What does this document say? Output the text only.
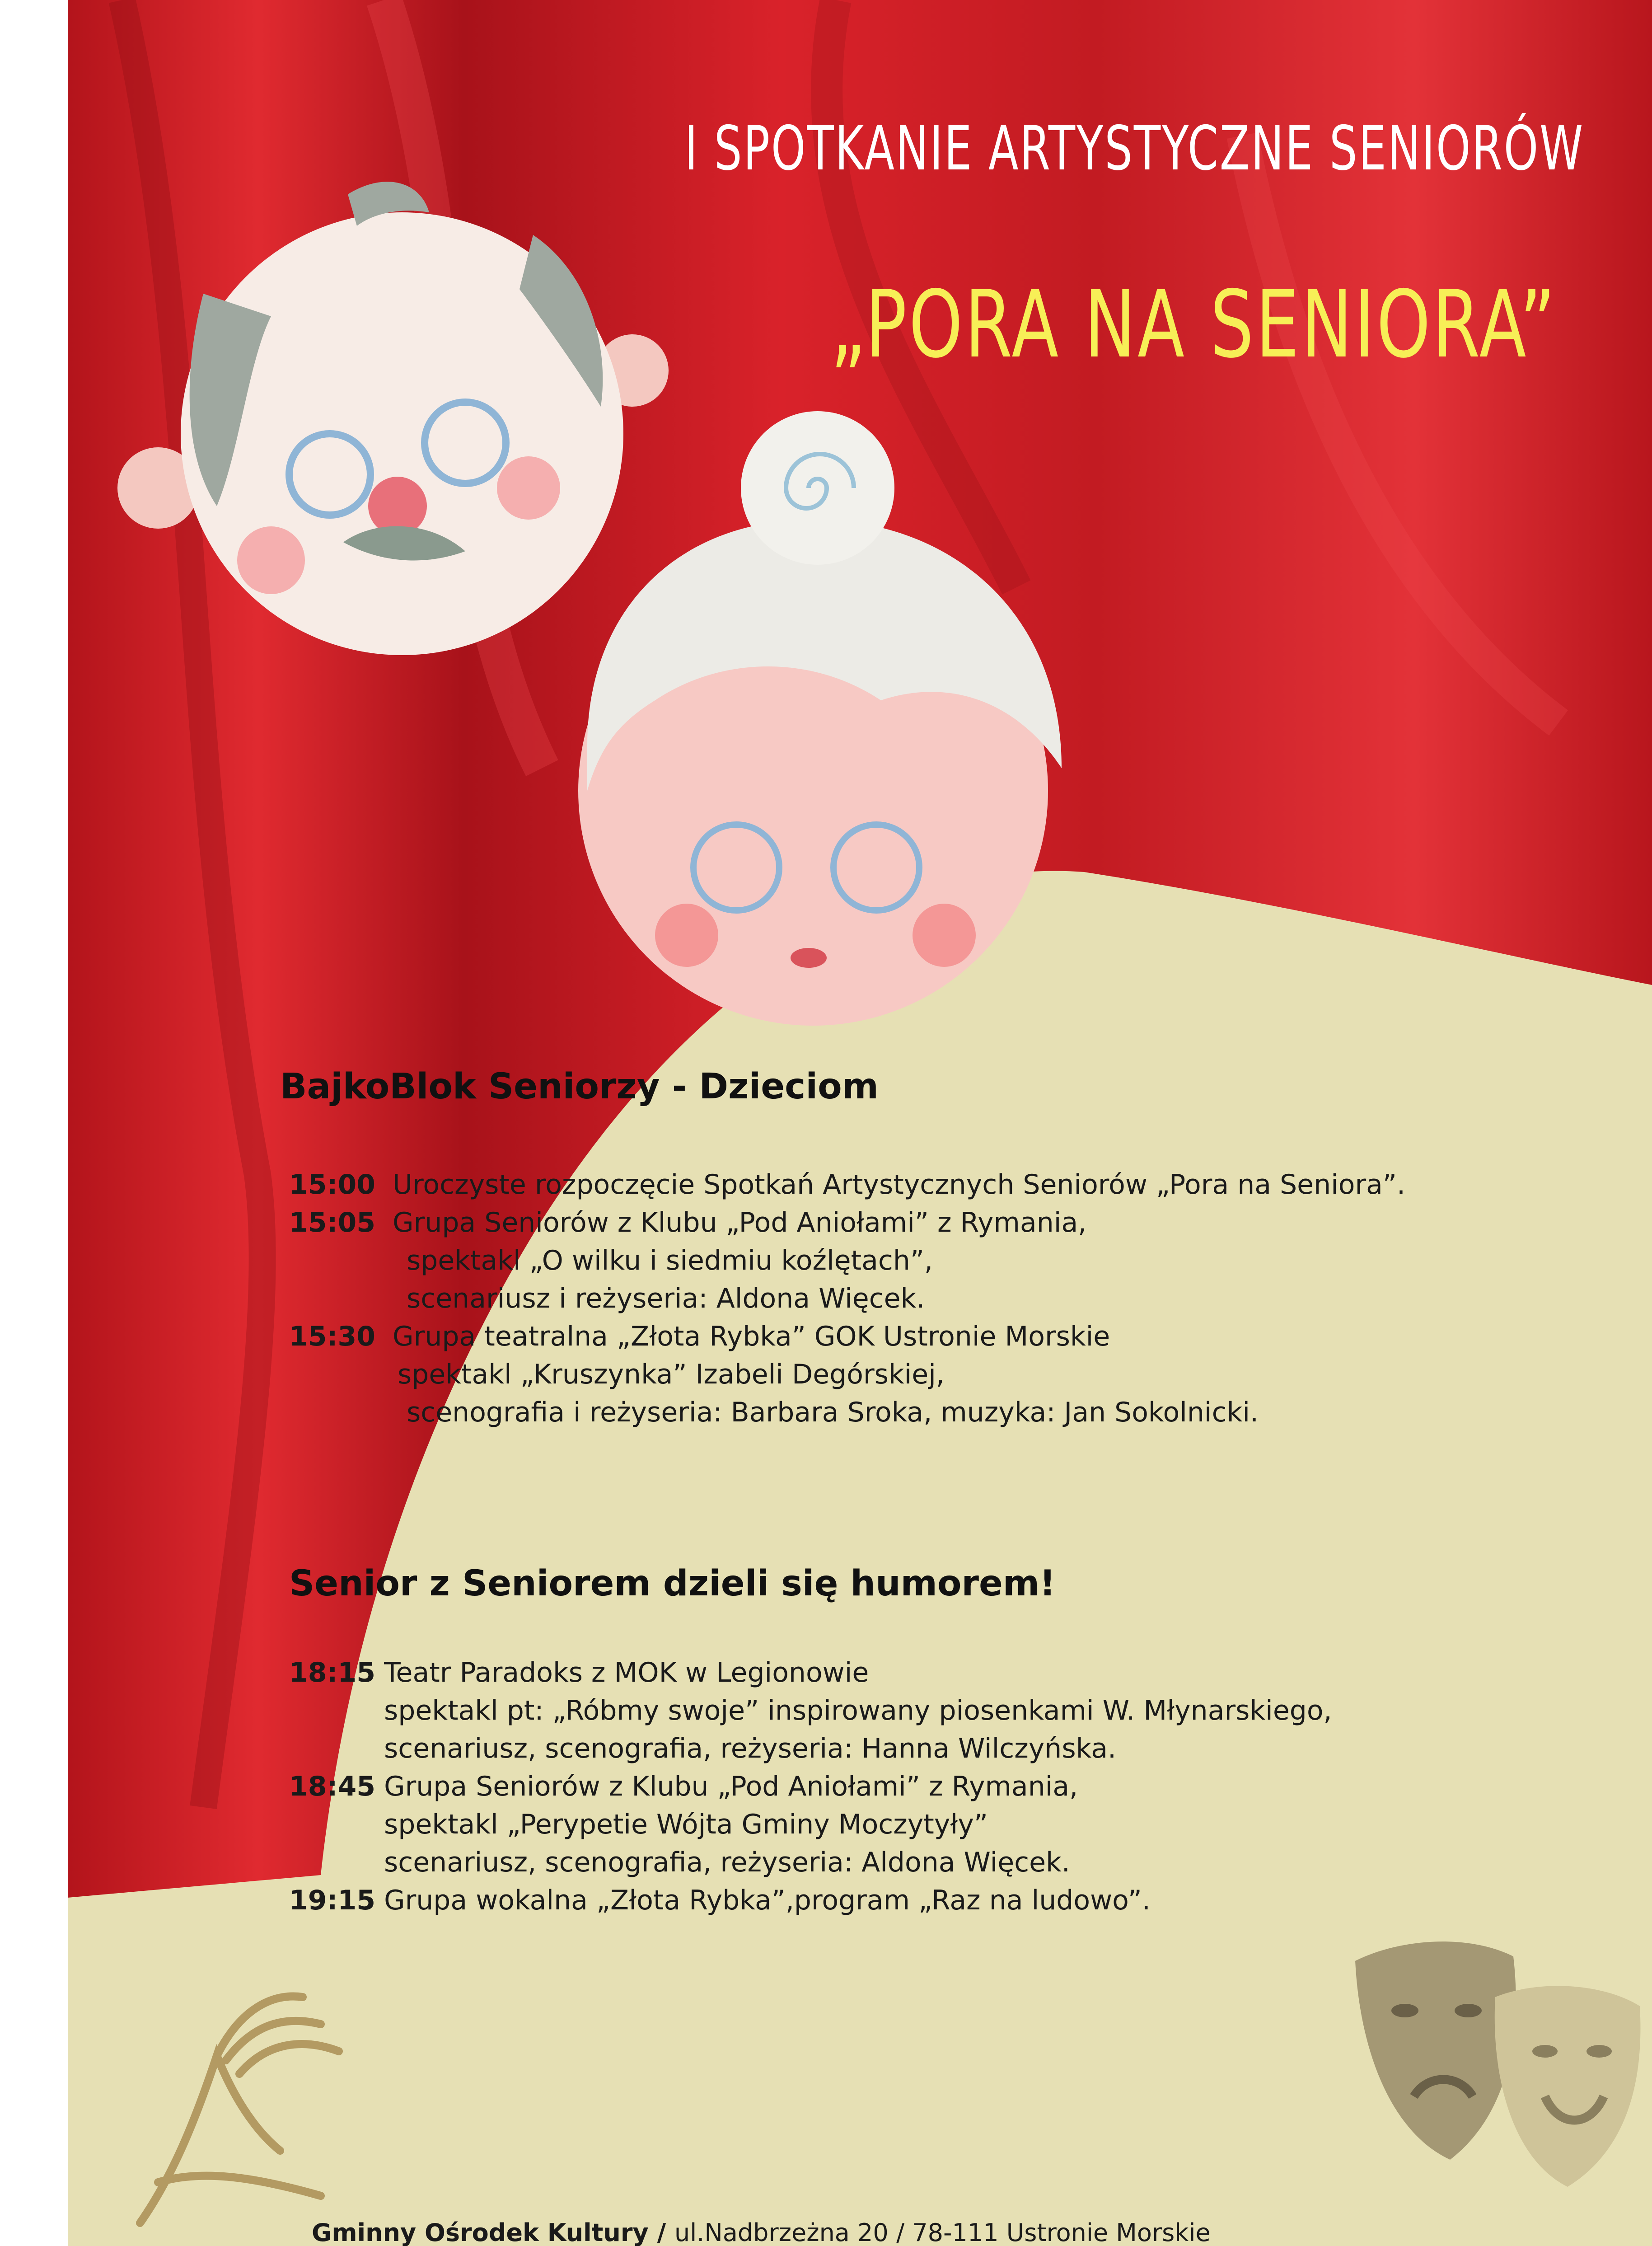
I SPOTKANIE ARTYSTYCZNE SENIORÓW
„PORA NA SENIORA”
BajkoBlok Seniorzy - Dzieciom
15:00 Uroczyste rozpoczęcie Spotkań Artystycznych Seniorów „Pora na Seniora”.
15:05 Grupa Seniorów z Klubu „Pod Aniołami” z Rymania,
spektakl „O wilku i siedmiu koźlętach”,
scenariusz i reżyseria: Aldona Więcek.
15:30 Grupa teatralna „Złota Rybka” GOK Ustronie Morskie
spektakl „Kruszynka” Izabeli Degórskiej,
scenografia i reżyseria: Barbara Sroka, muzyka: Jan Sokolnicki.
Senior z Seniorem dzieli się humorem!
18:15 Teatr Paradoks z MOK w Legionowie
spektakl pt: „Róbmy swoje” inspirowany piosenkami W. Młynarskiego,
scenariusz, scenografia, reżyseria: Hanna Wilczyńska.
18:45 Grupa Seniorów z Klubu „Pod Aniołami” z Rymania,
spektakl „Perypetie Wójta Gminy Moczytyły”
scenariusz, scenografia, reżyseria: Aldona Więcek.
19:15 Grupa wokalna „Złota Rybka”,program „Raz na ludowo”.
Gminny Ośrodek Kultury / ul.Nadbrzeżna 20 / 78-111 Ustronie Morskie
